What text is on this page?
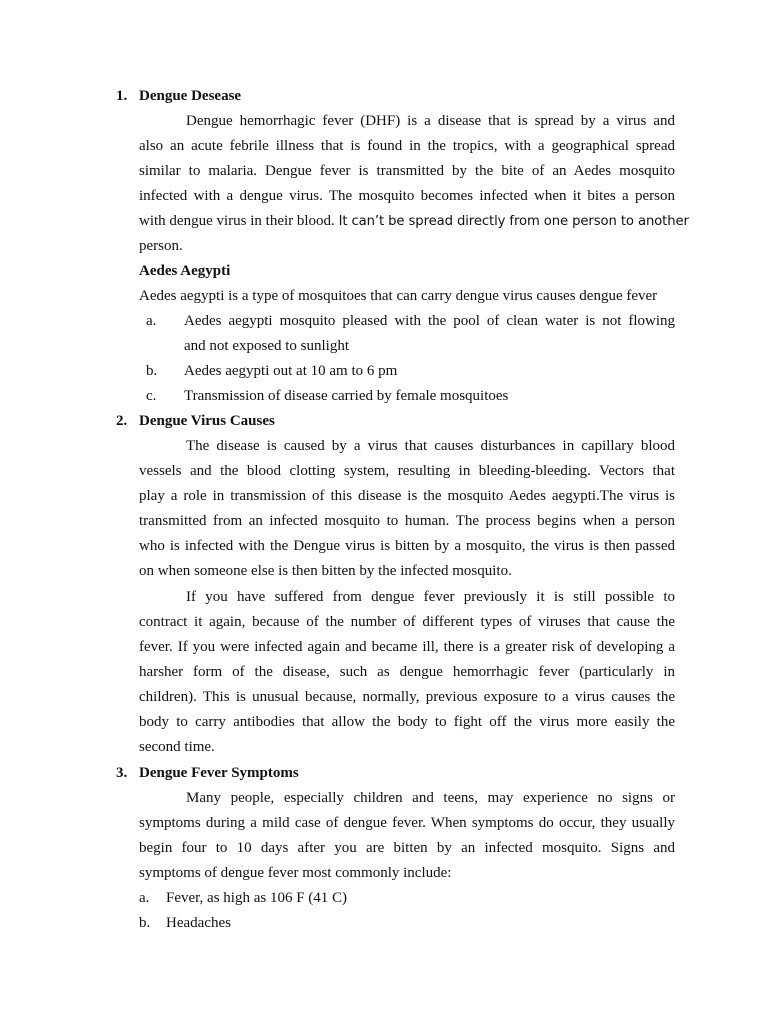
1. Dengue Desease
Dengue hemorrhagic fever (DHF) is a disease that is spread by a virus and
also an acute febrile illness that is found in the tropics, with a geographical spread
similar to malaria. Dengue fever is transmitted by the bite of an Aedes mosquito
infected with a dengue virus. The mosquito becomes infected when it bites a person
with dengue virus in their blood. It can’t be spread directly from one person to another
person.
Aedes Aegypti
Aedes aegypti is a type of mosquitoes that can carry dengue virus causes dengue fever
a. Aedes aegypti mosquito pleased with the pool of clean water is not flowing
and not exposed to sunlight
b. Aedes aegypti out at 10 am to 6 pm
c. Transmission of disease carried by female mosquitoes
2. Dengue Virus Causes
The disease is caused by a virus that causes disturbances in capillary blood
vessels and the blood clotting system, resulting in bleeding-bleeding. Vectors that
play a role in transmission of this disease is the mosquito Aedes aegypti.The virus is
transmitted from an infected mosquito to human. The process begins when a person
who is infected with the Dengue virus is bitten by a mosquito, the virus is then passed
on when someone else is then bitten by the infected mosquito.
If you have suffered from dengue fever previously it is still possible to
contract it again, because of the number of different types of viruses that cause the
fever. If you were infected again and became ill, there is a greater risk of developing a
harsher form of the disease, such as dengue hemorrhagic fever (particularly in
children). This is unusual because, normally, previous exposure to a virus causes the
body to carry antibodies that allow the body to fight off the virus more easily the
second time.
3. Dengue Fever Symptoms
Many people, especially children and teens, may experience no signs or
symptoms during a mild case of dengue fever. When symptoms do occur, they usually
begin four to 10 days after you are bitten by an infected mosquito. Signs and
symptoms of dengue fever most commonly include:
a. Fever, as high as 106 F (41 C)
b. Headaches
